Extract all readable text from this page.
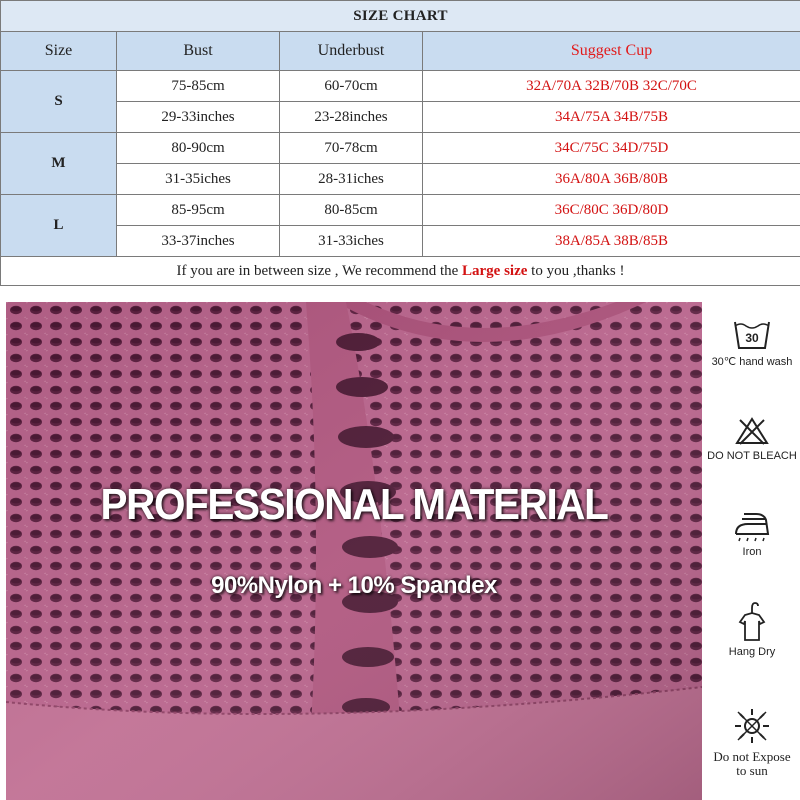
SIZE CHART			
Size	Bust	Underbust	Suggest Cup
S	75-85cm	60-70cm	32A/70A 32B/70B 32C/70C
	29-33inches	23-28inches	34A/75A 34B/75B
M	80-90cm	70-78cm	34C/75C 34D/75D
	31-35iches	28-31iches	36A/80A 36B/80B
L	85-95cm	80-85cm	36C/80C 36D/80D
	33-37inches	31-33iches	38A/85A 38B/85B
If you are in between size , We recommend the Large size to you ,thanks !			
PROFESSIONAL MATERIAL
90%Nylon + 10% Spandex
30
30℃ hand wash
DO NOT BLEACH
Iron
Hang Dry
Do not Expose
to sun
